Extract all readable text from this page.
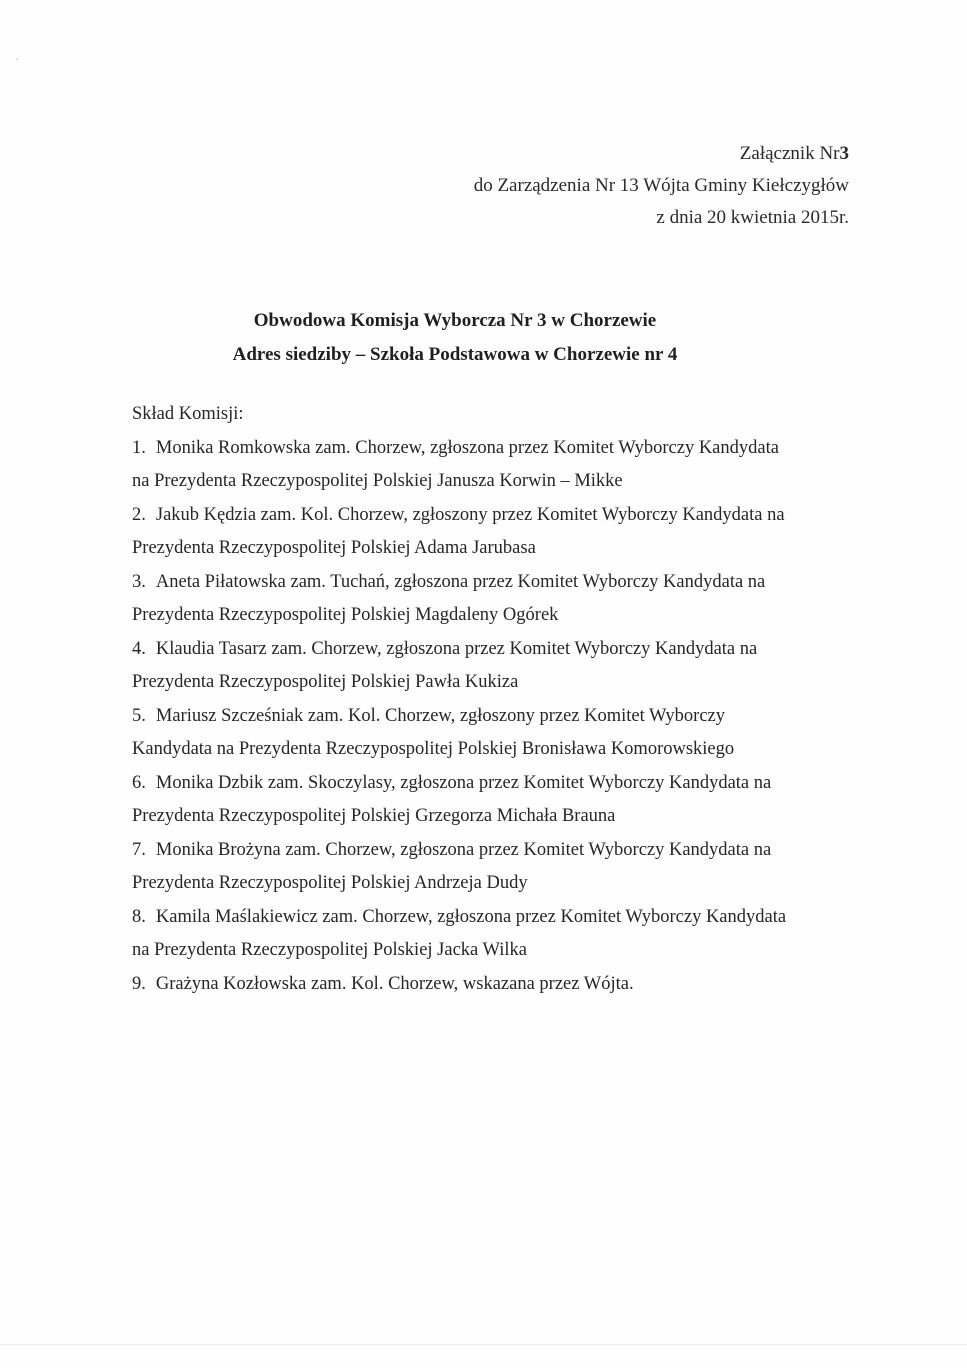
Załącznik Nr3
do Zarządzenia Nr 13 Wójta Gminy Kiełczygłów
z dnia 20 kwietnia 2015r.
Obwodowa Komisja Wyborcza Nr 3 w Chorzewie
Adres siedziby – Szkoła Podstawowa w Chorzewie nr 4
Skład Komisji:
1. Monika Romkowska zam. Chorzew, zgłoszona przez Komitet Wyborczy Kandydata
na Prezydenta Rzeczypospolitej Polskiej Janusza Korwin – Mikke
2. Jakub Kędzia zam. Kol. Chorzew, zgłoszony przez Komitet Wyborczy Kandydata na
Prezydenta Rzeczypospolitej Polskiej Adama Jarubasa
3. Aneta Piłatowska zam. Tuchań, zgłoszona przez Komitet Wyborczy Kandydata na
Prezydenta Rzeczypospolitej Polskiej Magdaleny Ogórek
4. Klaudia Tasarz zam. Chorzew, zgłoszona przez Komitet Wyborczy Kandydata na
Prezydenta Rzeczypospolitej Polskiej Pawła Kukiza
5. Mariusz Szcześniak zam. Kol. Chorzew, zgłoszony przez Komitet Wyborczy
Kandydata na Prezydenta Rzeczypospolitej Polskiej Bronisława Komorowskiego
6. Monika Dzbik zam. Skoczylasy, zgłoszona przez Komitet Wyborczy Kandydata na
Prezydenta Rzeczypospolitej Polskiej Grzegorza Michała Brauna
7. Monika Brożyna zam. Chorzew, zgłoszona przez Komitet Wyborczy Kandydata na
Prezydenta Rzeczypospolitej Polskiej Andrzeja Dudy
8. Kamila Maślakiewicz zam. Chorzew, zgłoszona przez Komitet Wyborczy Kandydata
na Prezydenta Rzeczypospolitej Polskiej Jacka Wilka
9. Grażyna Kozłowska zam. Kol. Chorzew, wskazana przez Wójta.
